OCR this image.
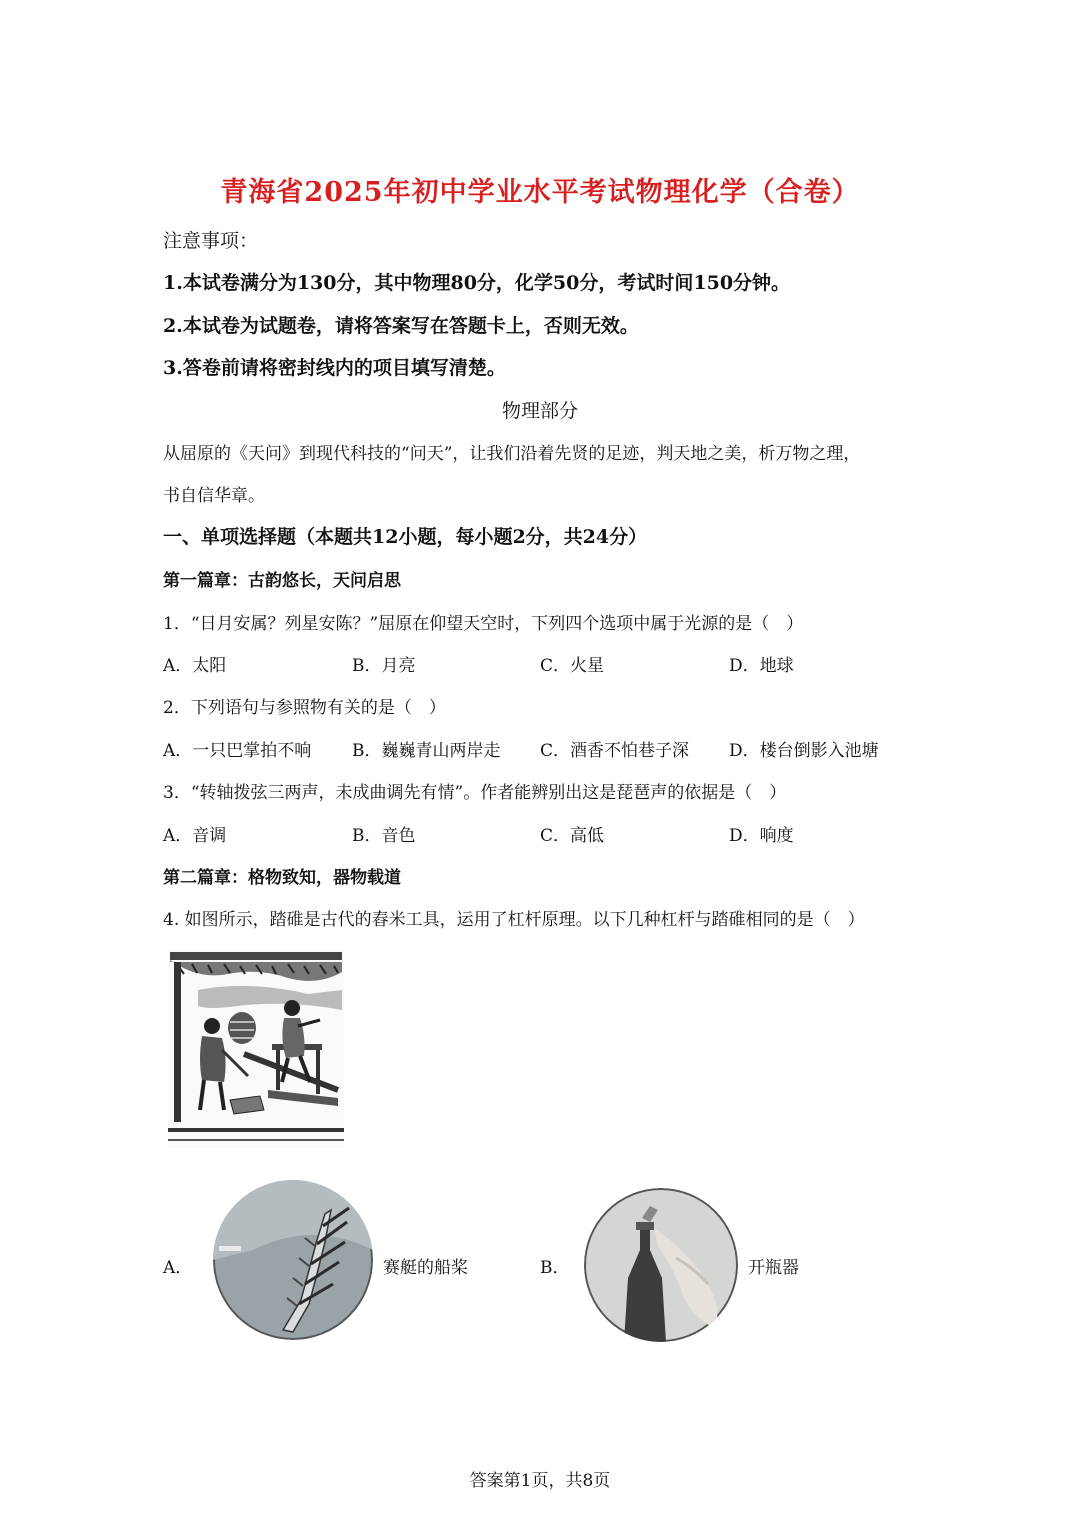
青海省2025年初中学业水平考试物理化学（合卷）
注意事项：
1.本试卷满分为130分，其中物理80分，化学50分，考试时间150分钟。
2.本试卷为试题卷，请将答案写在答题卡上，否则无效。
3.答卷前请将密封线内的项目填写清楚。
物理部分
从屈原的《天问》到现代科技的“问天”，让我们沿着先贤的足迹，判天地之美，析万物之理，
书自信华章。
一、单项选择题（本题共12小题，每小题2分，共24分）
第一篇章：古韵悠长，天问启思
1．“日月安属？列星安陈？”屈原在仰望天空时，下列四个选项中属于光源的是（　）
A．太阳	B．月亮	C．火星	D．地球
2．下列语句与参照物有关的是（　）
A．一只巴掌拍不响 B．巍巍青山两岸走 C．酒香不怕巷子深 D．楼台倒影入池塘
3．“转轴拨弦三两声，未成曲调先有情”。作者能辨别出这是琵琶声的依据是（　）
A．音调	B．音色	C．高低	D．响度
第二篇章：格物致知，器物载道
4. 如图所示，踏碓是古代的舂米工具，运用了杠杆原理。以下几种杠杆与踏碓相同的是（　）
A．	赛艇的船桨	B．	开瓶器
答案第1页，共8页
